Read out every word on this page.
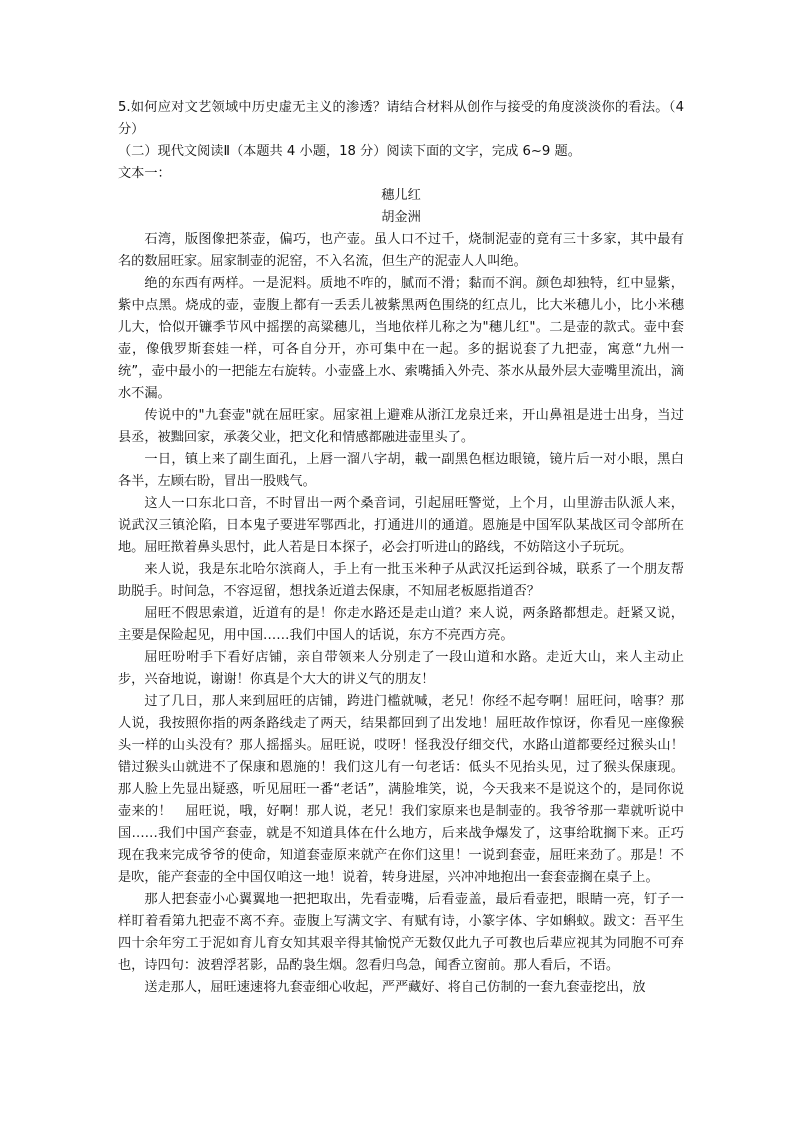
5.如何应对文艺领域中历史虚无主义的渗透？请结合材料从创作与接受的角度淡淡你的看法。（4分）
（二）现代文阅读Ⅱ（本题共 4 小题，18 分）阅读下面的文字，完成 6~9 题。
文本一：
穗儿红
胡金洲
石湾，版图像把茶壶，偏巧，也产壶。虽人口不过千，烧制泥壶的竟有三十多家，其中最有名的数屈旺家。屈家制壶的泥窑，不入名流，但生产的泥壶人人叫绝。
绝的东西有两样。一是泥料。质地不咋的，腻而不滑；黏而不润。颜色却独特，红中显紫，紫中点黑。烧成的壶，壶腹上都有一丢丢儿被紫黑两色围绕的红点儿，比大米穗儿小，比小米穗儿大，恰似开镰季节风中摇摆的高粱穗儿，当地依样儿称之为"穗儿红"。二是壶的款式。壶中套壶，像俄罗斯套娃一样，可各自分开，亦可集中在一起。多的据说套了九把壶，寓意“九州一统”，壶中最小的一把能左右旋转。小壶盛上水、索嘴插入外壳、茶水从最外层大壶嘴里流出，滴水不漏。
传说中的"九套壶"就在屈旺家。屈家祖上避难从浙江龙泉迁来，开山鼻祖是进士出身，当过县丞，被黜回家，承袭父业，把文化和情感都融进壶里头了。
一日，镇上来了副生面孔，上唇一溜八字胡，載一副黑色框边眼镜，镜片后一对小眼，黑白各半，左顾右盼，冒出一股贱气。
这人一口东北口音，不时冒出一两个桑音词，引起屈旺警觉，上个月，山里游击队派人来，说武汉三镇沦陷，日本鬼子要进军鄂西北，打通进川的通道。恩施是中国军队某战区司令部所在地。屈旺揿着鼻头思忖，此人若是日本探子，必会打听进山的路线，不妨陪这小子玩玩。
来人说，我是东北哈尔滨商人，手上有一批玉米种子从武汉托运到谷城，联系了一个朋友帮助脱手。时间急，不容逗留，想找条近道去保康，不知屈老板愿指道否？
屈旺不假思索道，近道有的是！你走水路还是走山道？来人说，两条路都想走。赶紧又说，主要是保险起见，用中国……我们中国人的话说，东方不亮西方亮。
屈旺吩咐手下看好店铺，亲自带领来人分别走了一段山道和水路。走近大山，来人主动止步，兴奋地说，谢谢！你真是个大大的讲义气的朋友！
过了几日，那人来到屈旺的店铺，跨进门槛就喊，老兄！你经不起夸啊！屈旺问，啥事？那人说，我按照你指的两条路线走了两天，结果都回到了出发地！屈旺故作惊讶，你看见一座像猴头一样的山头没有？那人摇摇头。屈旺说，哎呀！怪我没仔细交代，水路山道都要经过猴头山！错过猴头山就进不了保康和恩施的！我们这儿有一句老话：低头不见抬头见，过了猴头保康现。那人脸上先显出疑惑，听见屈旺一番“老话”，满脸堆笑，说，今天我来不是说这个的，是同你说壶来的！　屈旺说，哦，好啊！那人说，老兄！我们家原来也是制壶的。我爷爷那一辈就听说中国……我们中国产套壶，就是不知道具体在什么地方，后来战争爆发了，这事给耽搁下来。正巧现在我来完成爷爷的使命，知道套壶原来就产在你们这里！一说到套壶，屈旺来劲了。那是！不是吹，能产套壶的全中国仅咱这一地！说着，转身进屋，兴冲冲地抱出一套套壶搁在桌子上。
那人把套壶小心翼翼地一把把取出，先看壶嘴，后看壶盖，最后看壶把，眼睛一亮，钉子一样盯着看第九把壶不离不弃。壶腹上写满文字、有赋有诗，小篆字体、字如蝌蚁。跋文：吾平生四十余年穷工于泥如育儿育女知其艰辛得其愉悦产无数仅此九子可教也后辈应视其为同胞不可弃也，诗四句：波碧浮茗影，品酌袅生烟。忽看归鸟急，闻香立窗前。那人看后，不语。
送走那人，屈旺速速将九套壶细心收起，严严藏好、将自己仿制的一套九套壶挖出，放
